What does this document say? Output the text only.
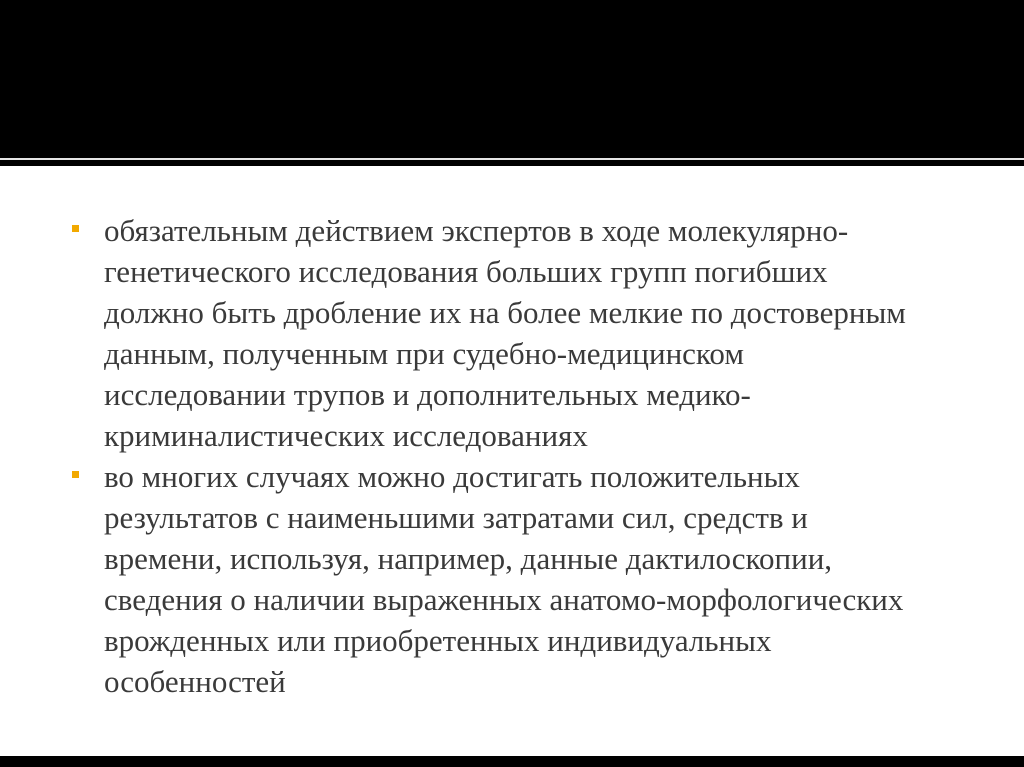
обязательным действием экспертов в ходе молекулярно-генетического исследования больших групп погибших должно быть дробление их на более мелкие по достоверным данным, полученным при судебно-медицинском исследовании трупов и дополнительных медико-криминалистических исследованиях
во многих случаях можно достигать положительных результатов с наименьшими затратами сил, средств и времени, используя, например, данные дактилоскопии, сведения о наличии выраженных анатомо-морфологических врожденных или приобретенных индивидуальных особенностей
